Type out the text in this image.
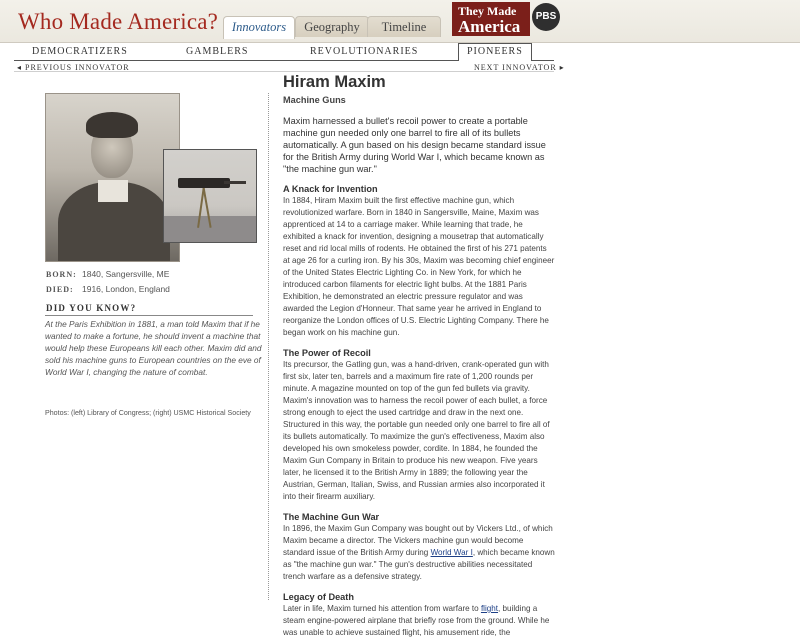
Who Made America?	Innovators	Geography	Timeline
They Made
America
PBS
DEMOCRATIZERS	GAMBLERS	REVOLUTIONARIES	PIONEERS
◂ PREVIOUS INNOVATOR	NEXT INNOVATOR ▸
BORN: 1840, Sangersville, ME
DIED: 1916, London, England
DID YOU KNOW?
At the Paris Exhibition in 1881, a man told Maxim that if he wanted to make a fortune, he should invent a machine that would help these Europeans kill each other. Maxim did and sold his machine guns to European countries on the eve of World War I, changing the nature of combat.
Photos: (left) Library of Congress; (right) USMC Historical Society
Hiram Maxim
Machine Guns
Maxim harnessed a bullet's recoil power to create a portable machine gun needed only one barrel to fire all of its bullets automatically. A gun based on his design became standard issue for the British Army during World War I, which became known as "the machine gun war."
A Knack for Invention
In 1884, Hiram Maxim built the first effective machine gun, which revolutionized warfare. Born in 1840 in Sangersville, Maine, Maxim was apprenticed at 14 to a carriage maker. While learning that trade, he exhibited a knack for invention, designing a mousetrap that automatically reset and rid local mills of rodents. He obtained the first of his 271 patents at age 26 for a curling iron. By his 30s, Maxim was becoming chief engineer of the United States Electric Lighting Co. in New York, for which he introduced carbon filaments for electric light bulbs. At the 1881 Paris Exhibition, he demonstrated an electric pressure regulator and was awarded the Legion d'Honneur. That same year he arrived in England to reorganize the London offices of U.S. Electric Lighting Company. There he began work on his machine gun.
The Power of Recoil
Its precursor, the Gatling gun, was a hand-driven, crank-operated gun with first six, later ten, barrels and a maximum fire rate of 1,200 rounds per minute. A magazine mounted on top of the gun fed bullets via gravity. Maxim's innovation was to harness the recoil power of each bullet, a force strong enough to eject the used cartridge and draw in the next one. Structured in this way, the portable gun needed only one barrel to fire all of its bullets automatically. To maximize the gun's effectiveness, Maxim also developed his own smokeless powder, cordite. In 1884, he founded the Maxim Gun Company in Britain to produce his new weapon. Five years later, he licensed it to the British Army in 1889; the following year the Austrian, German, Italian, Swiss, and Russian armies also incorporated it into their firearm auxiliary.
The Machine Gun War
In 1896, the Maxim Gun Company was bought out by Vickers Ltd., of which Maxim became a director. The Vickers machine gun would become standard issue of the British Army during World War I, which became known as "the machine gun war." The gun's destructive abilities necessitated trench warfare as a defensive strategy.
Legacy of Death
Later in life, Maxim turned his attention from warfare to flight, building a steam engine-powered airplane that briefly rose from the ground. While he was unable to achieve sustained flight, his amusement ride, the
